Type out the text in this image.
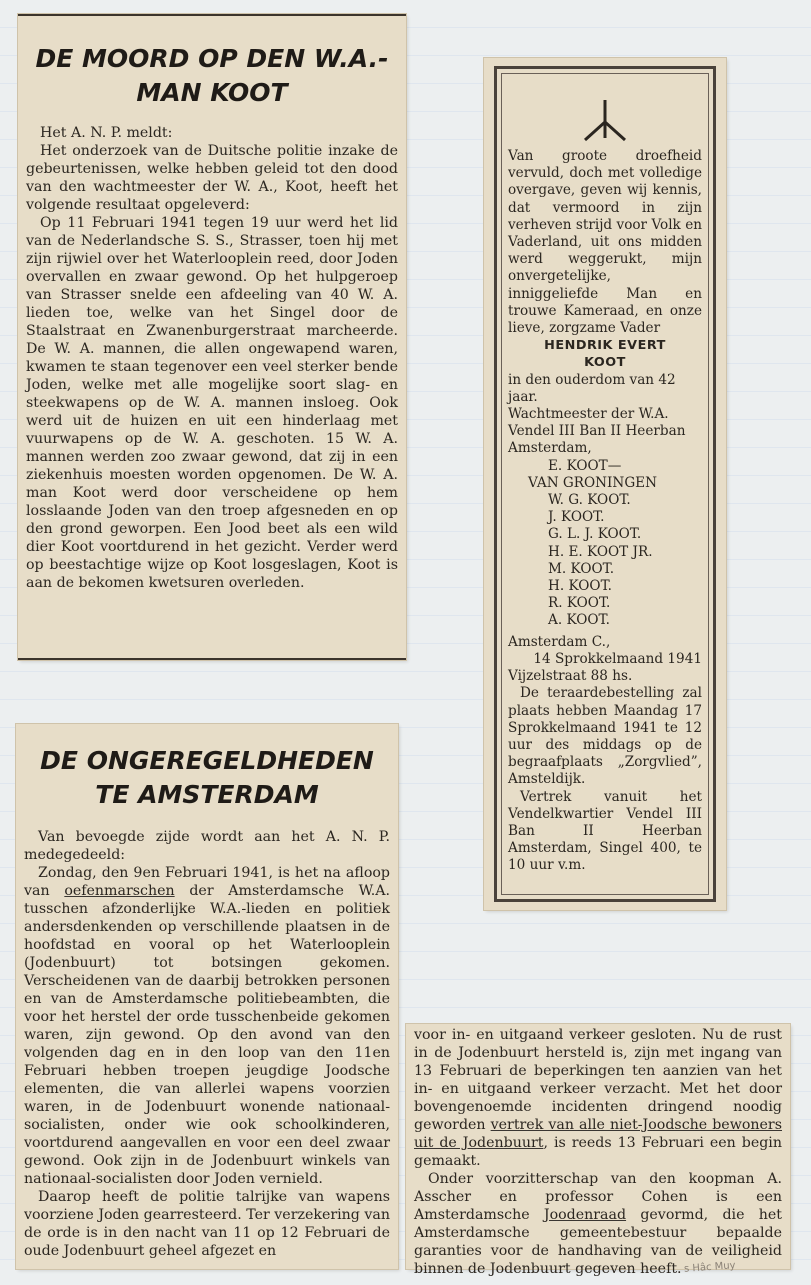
DE MOORD OP DEN W.A.-
MAN KOOT

Het A. N. P. meldt:

Het onderzoek van de Duitsche politie inzake de gebeurtenissen, welke hebben geleid tot den dood van den wachtmeester der W. A., Koot, heeft het volgende resultaat opgeleverd:

Op 11 Februari 1941 tegen 19 uur werd het lid van de Nederlandsche S. S., Strasser, toen hij met zijn rijwiel over het Waterlooplein reed, door Joden overvallen en zwaar gewond. Op het hulpgeroep van Strasser snelde een afdeeling van 40 W. A. lieden toe, welke van het Singel door de Staalstraat en Zwanenburgerstraat marcheerde. De W. A. mannen, die allen ongewapend waren, kwamen te staan tegenover een veel sterker bende Joden, welke met alle mogelijke soort slag- en steekwapens op de W. A. mannen insloeg. Ook werd uit de huizen en uit een hinderlaag met vuurwapens op de W. A. geschoten. 15 W. A. mannen werden zoo zwaar gewond, dat zij in een ziekenhuis moesten worden opgenomen. De W. A. man Koot werd door verscheidene op hem losslaande Joden van den troep afgesneden en op den grond geworpen. Een Jood beet als een wild dier Koot voortdurend in het gezicht. Verder werd op beestachtige wijze op Koot losgeslagen, Koot is aan de bekomen kwetsuren overleden.

Van groote droefheid vervuld, doch met volledige overgave, geven wij kennis, dat vermoord in zijn verheven strijd voor Volk en Vaderland, uit ons midden werd weggerukt, mijn onvergetelijke, inniggeliefde Man en trouwe Kameraad, en onze lieve, zorgzame Vader

HENDRIK EVERT

KOOT

in den ouderdom van 42 jaar.

Wachtmeester der W.A. Vendel III Ban II Heerban Amsterdam,

E. KOOT—

VAN GRONINGEN

W. G. KOOT.

J. KOOT.

G. L. J. KOOT.

H. E. KOOT JR.

M. KOOT.

H. KOOT.

R. KOOT.

A. KOOT.

Amsterdam C.,

14 Sprokkelmaand 1941

Vijzelstraat 88 hs.

De teraardebestelling zal plaats hebben Maandag 17 Sprokkelmaand 1941 te 12 uur des middags op de begraafplaats „Zorgvlied”, Amsteldijk.

Vertrek vanuit het Vendelkwartier Vendel III Ban II Heerban Amsterdam, Singel 400, te 10 uur v.m.

DE ONGEREGELDHEDEN
TE AMSTERDAM

Van bevoegde zijde wordt aan het A. N. P. medegedeeld:

Zondag, den 9en Februari 1941, is het na afloop van oefenmarschen der Amsterdamsche W.A. tusschen afzonderlijke W.A.-lieden en politiek andersdenkenden op verschillende plaatsen in de hoofdstad en vooral op het Waterlooplein (Jodenbuurt) tot botsingen gekomen. Verscheidenen van de daarbij betrokken personen en van de Amsterdamsche politiebeambten, die voor het herstel der orde tusschenbeide gekomen waren, zijn gewond. Op den avond van den volgenden dag en in den loop van den 11en Februari hebben troepen jeugdige Joodsche elementen, die van allerlei wapens voorzien waren, in de Jodenbuurt wonende nationaal-socialisten, onder wie ook schoolkinderen, voortdurend aangevallen en voor een deel zwaar gewond. Ook zijn in de Jodenbuurt winkels van nationaal-socialisten door Joden vernield.

Daarop heeft de politie talrijke van wapens voorziene Joden gearresteerd. Ter verzekering van de orde is in den nacht van 11 op 12 Februari de oude Jodenbuurt geheel afgezet en

voor in- en uitgaand verkeer gesloten. Nu de rust in de Jodenbuurt hersteld is, zijn met ingang van 13 Februari de beperkingen ten aanzien van het in- en uitgaand verkeer verzacht. Met het door bovengenoemde incidenten dringend noodig geworden vertrek van alle niet-Joodsche bewoners uit de Jodenbuurt, is reeds 13 Februari een begin gemaakt.

Onder voorzitterschap van den koopman A. Asscher en professor Cohen is een Amsterdamsche Joodenraad gevormd, die het Amsterdamsche gemeentebestuur bepaalde garanties voor de handhaving van de veiligheid binnen de Jodenbuurt gegeven heeft. s Hâc Muy
